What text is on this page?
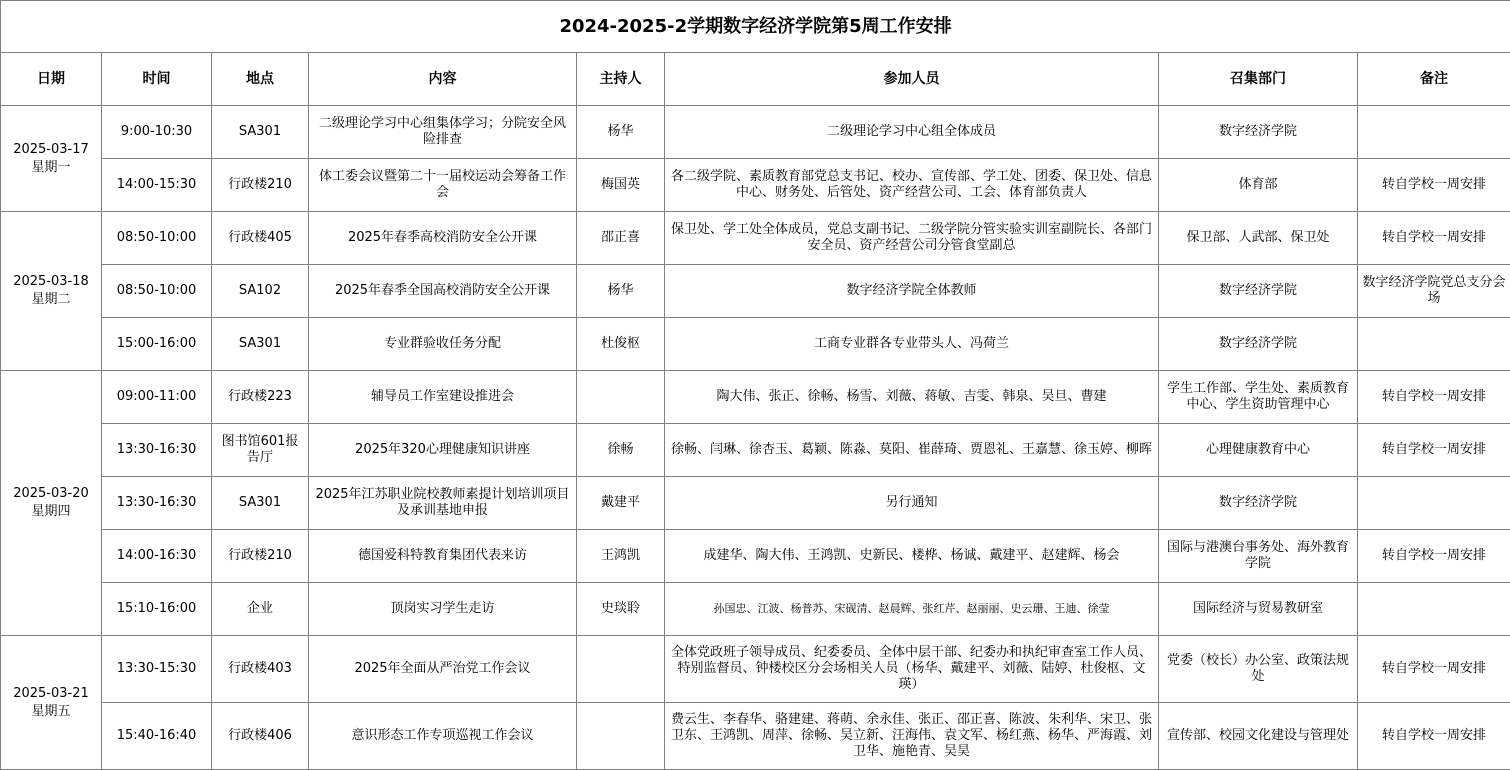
2024-2025-2学期数字经济学院第5周工作安排							
日期	时间	地点	内容	主持人	参加人员	召集部门	备注
2025-03-17
星期一	9:00-10:30	SA301	二级理论学习中心组集体学习；分院安全风险排查	杨华	二级理论学习中心组全体成员	数字经济学院	
	14:00-15:30	行政楼210	体工委会议暨第二十一届校运动会筹备工作会	梅国英	各二级学院、素质教育部党总支书记、校办、宣传部、学工处、团委、保卫处、信息中心、财务处、后管处、资产经营公司、工会、体育部负责人	体育部	转自学校一周安排
2025-03-18
星期二	08:50-10:00	行政楼405	2025年春季高校消防安全公开课	邵正喜	保卫处、学工处全体成员，党总支副书记、二级学院分管实验实训室副院长、各部门安全员、资产经营公司分管食堂副总	保卫部、人武部、保卫处	转自学校一周安排
	08:50-10:00	SA102	2025年春季全国高校消防安全公开课	杨华	数字经济学院全体教师	数字经济学院	数字经济学院党总支分会场
	15:00-16:00	SA301	专业群验收任务分配	杜俊枢	工商专业群各专业带头人、冯荷兰	数字经济学院	
2025-03-20
星期四	09:00-11:00	行政楼223	辅导员工作室建设推进会		陶大伟、张正、徐畅、杨雪、刘薇、蒋敏、吉雯、韩泉、吴旦、曹建	学生工作部、学生处、素质教育中心、学生资助管理中心	转自学校一周安排
	13:30-16:30	图书馆601报告厅	2025年320心理健康知识讲座	徐畅	徐畅、闫琳、徐杏玉、葛颖、陈淼、莫阳、崔薛琦、贾恩礼、王嘉慧、徐玉婷、柳晖	心理健康教育中心	转自学校一周安排
	13:30-16:30	SA301	2025年江苏职业院校教师素提计划培训项目及承训基地申报	戴建平	另行通知	数字经济学院	
	14:00-16:30	行政楼210	德国爱科特教育集团代表来访	王鸿凯	成建华、陶大伟、王鸿凯、史新民、楼桦、杨诚、戴建平、赵建辉、杨会	国际与港澳台事务处、海外教育学院	转自学校一周安排
	15:10-16:00	企业	顶岗实习学生走访	史琰聆	孙国忠、江波、杨普苏、宋砚清、赵晨辉、张红芹、赵丽丽、史云珊、王迪、徐莹	国际经济与贸易教研室	
2025-03-21
星期五	13:30-15:30	行政楼403	2025年全面从严治党工作会议		全体党政班子领导成员、纪委委员、全体中层干部、纪委办和执纪审查室工作人员、特别监督员、钟楼校区分会场相关人员（杨华、戴建平、刘薇、陆婷、杜俊枢、文瑛）	党委（校长）办公室、政策法规处	转自学校一周安排
	15:40-16:40	行政楼406	意识形态工作专项巡视工作会议		费云生、李春华、骆建建、蒋萌、余永佳、张正、邵正喜、陈波、朱利华、宋卫、张卫东、王鸿凯、周萍、徐畅、吴立新、汪海伟、袁文军、杨红燕、杨华、严海霞、刘卫华、施艳青、吴昊	宣传部、校园文化建设与管理处	转自学校一周安排
